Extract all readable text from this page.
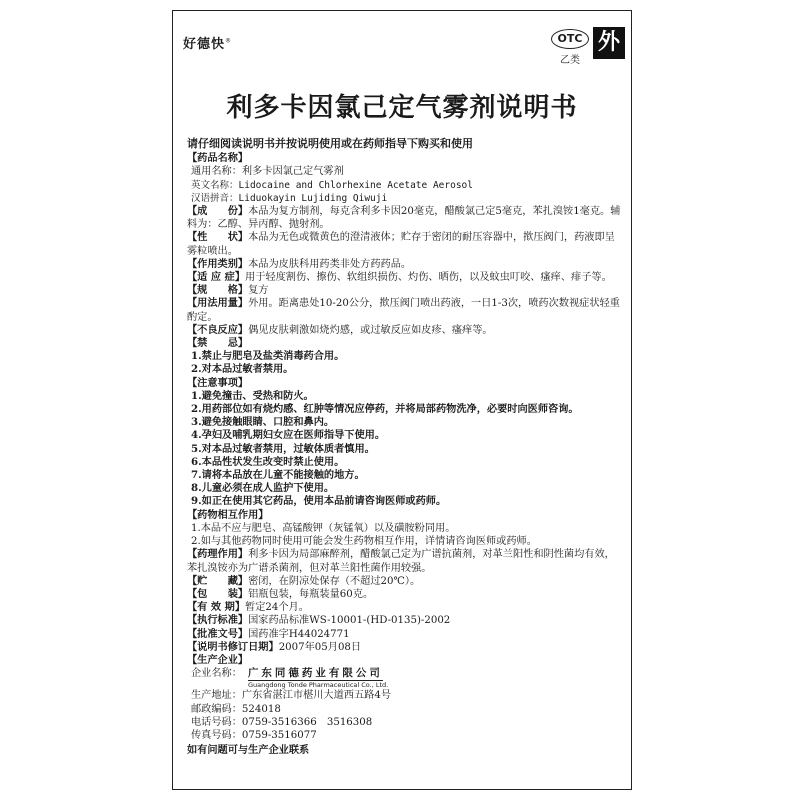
好德快®	OTC
乙类
外
利多卡因氯己定气雾剂说明书

请仔细阅读说明书并按说明使用或在药师指导下购买和使用

【药品名称】

通用名称：利多卡因氯己定气雾剂

英文名称：Lidocaine and Chlorhexine Acetate Aerosol

汉语拼音：Liduokayin Lujiding Qiwuji

【成　　份】本品为复方制剂，每克含利多卡因20毫克，醋酸氯己定5毫克，苯扎溴铵1毫克。辅料为：乙醇、异丙醇、抛射剂。

【性　　状】本品为无色或微黄色的澄清液体；贮存于密闭的耐压容器中，揿压阀门，药液即呈雾粒喷出。

【作用类别】本品为皮肤科用药类非处方药药品。

【适 应 症】用于轻度割伤、擦伤、软组织损伤、灼伤、晒伤，以及蚊虫叮咬、瘙痒、痱子等。

【规　　格】复方

【用法用量】外用。距离患处10-20公分，揿压阀门喷出药液，一日1-3次，喷药次数视症状轻重酌定。

【不良反应】偶见皮肤刺激如烧灼感，或过敏反应如皮疹、瘙痒等。

【禁　　忌】

1.禁止与肥皂及盐类消毒药合用。

2.对本品过敏者禁用。

【注意事项】

1.避免撞击、受热和防火。

2.用药部位如有烧灼感、红肿等情况应停药，并将局部药物洗净，必要时向医师咨询。

3.避免接触眼睛、口腔和鼻内。

4.孕妇及哺乳期妇女应在医师指导下使用。

5.对本品过敏者禁用，过敏体质者慎用。

6.本品性状发生改变时禁止使用。

7.请将本品放在儿童不能接触的地方。

8.儿童必须在成人监护下使用。

9.如正在使用其它药品，使用本品前请咨询医师或药师。

【药物相互作用】

1.本品不应与肥皂、高锰酸钾（灰锰氧）以及磺胺粉同用。

2.如与其他药物同时使用可能会发生药物相互作用，详情请咨询医师或药师。

【药理作用】利多卡因为局部麻醉剂，醋酸氯己定为广谱抗菌剂，对革兰阳性和阴性菌均有效，苯扎溴铵亦为广谱杀菌剂，但对革兰阳性菌作用较强。

【贮　　藏】密闭，在阴凉处保存（不超过20℃）。

【包　　装】铝瓶包装，每瓶装量60克。

【有 效 期】暂定24个月。

【执行标准】国家药品标准WS-10001-(HD-0135)-2002

【批准文号】国药准字H44024771

【说明书修订日期】2007年05月08日

【生产企业】

企业名称： 广东同德药业有限公司
Guangdong Tonde Pharmaceutical Co., Ltd.

生产地址：广东省湛江市椹川大道西五路4号

邮政编码：524018

电话号码：0759-3516366　3516308

传真号码：0759-3516077

如有问题可与生产企业联系
